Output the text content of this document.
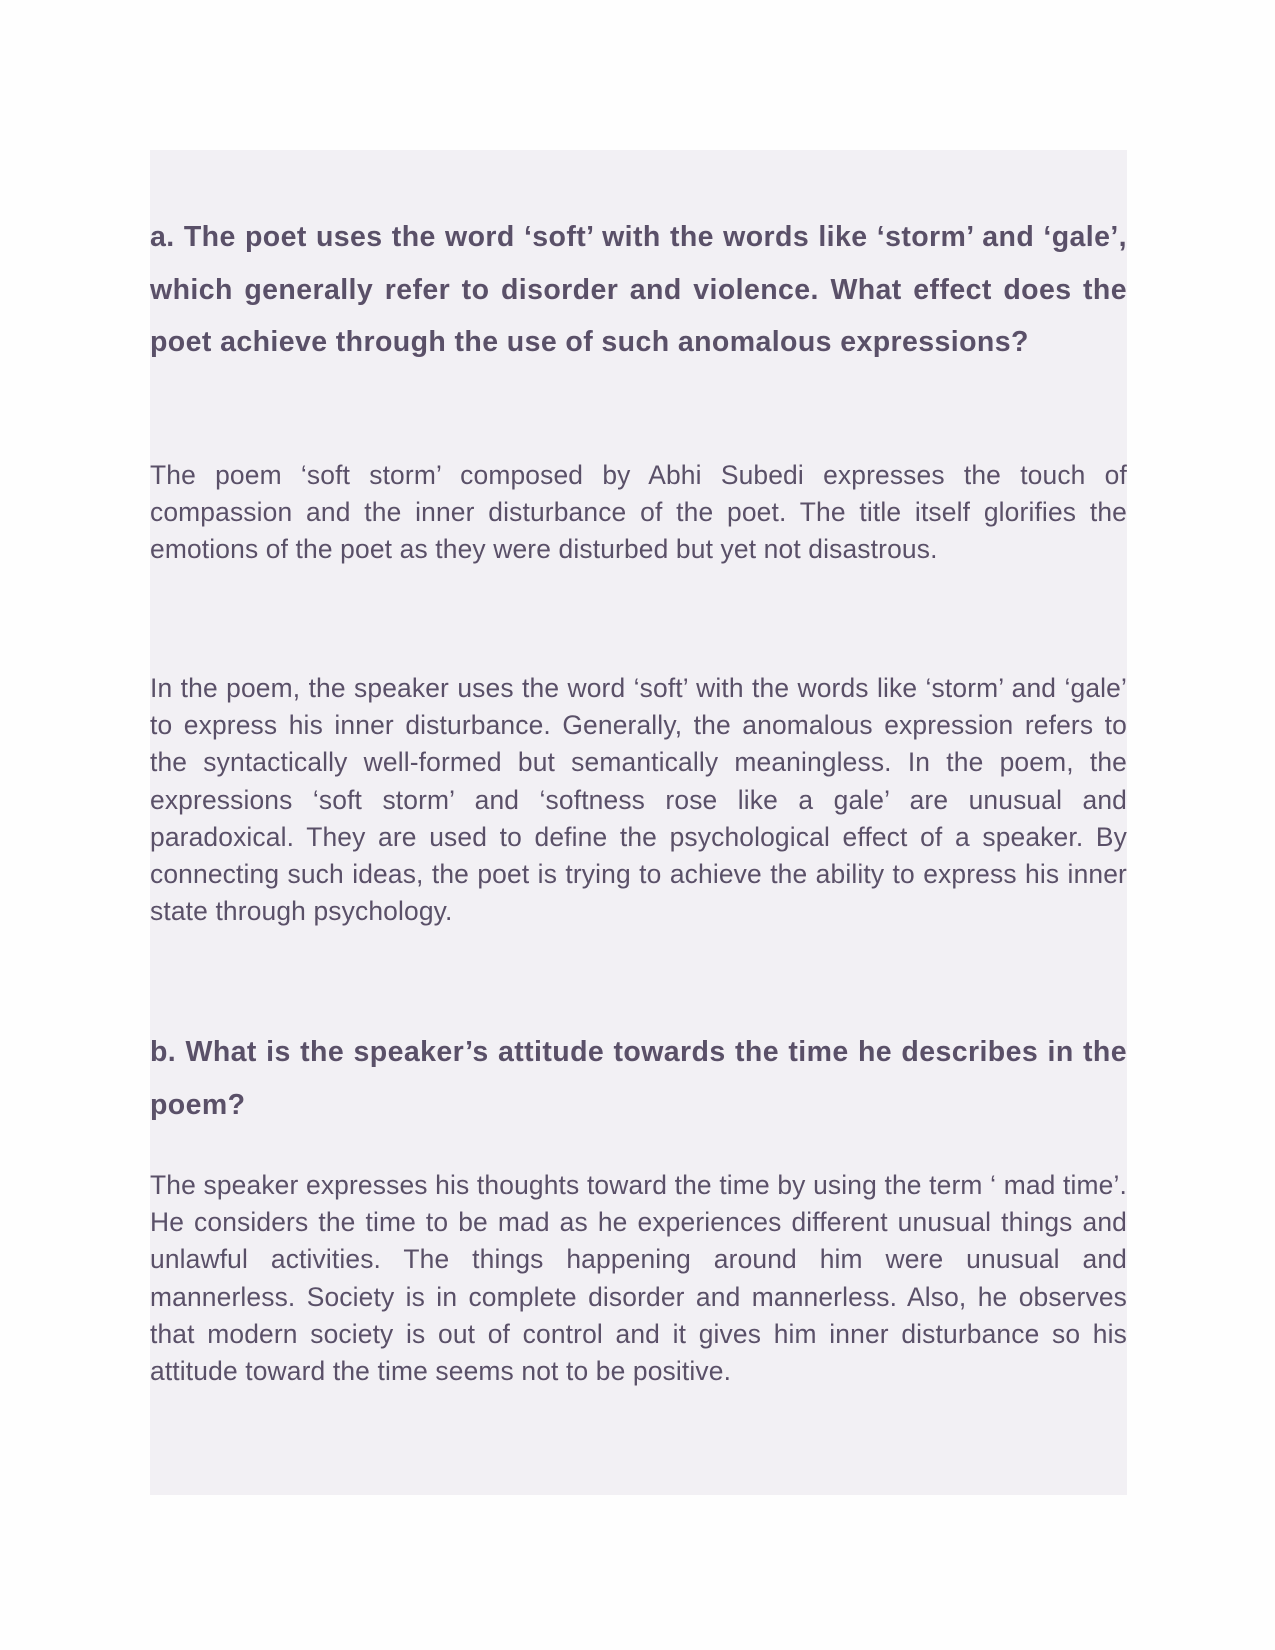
a. The poet uses the word ‘soft’ with the words like ‘storm’ and ‘gale’, which generally refer to disorder and violence. What effect does the poet achieve through the use of such anomalous expressions?

The poem ‘soft storm’ composed by Abhi Subedi expresses the touch of compassion and the inner disturbance of the poet. The title itself glorifies the emotions of the poet as they were disturbed but yet not disastrous.

In the poem, the speaker uses the word ‘soft’ with the words like ‘storm’ and ‘gale’ to express his inner disturbance. Generally, the anomalous expression refers to the syntactically well-formed but semantically meaningless. In the poem, the expressions ‘soft storm’ and ‘softness rose like a gale’ are unusual and paradoxical. They are used to define the psychological effect of a speaker. By connecting such ideas, the poet is trying to achieve the ability to express his inner state through psychology.

b. What is the speaker’s attitude towards the time he describes in the poem?

The speaker expresses his thoughts toward the time by using the term ‘ mad time’. He considers the time to be mad as he experiences different unusual things and unlawful activities. The things happening around him were unusual and mannerless. Society is in complete disorder and mannerless. Also, he observes that modern society is out of control and it gives him inner disturbance so his attitude toward the time seems not to be positive.
